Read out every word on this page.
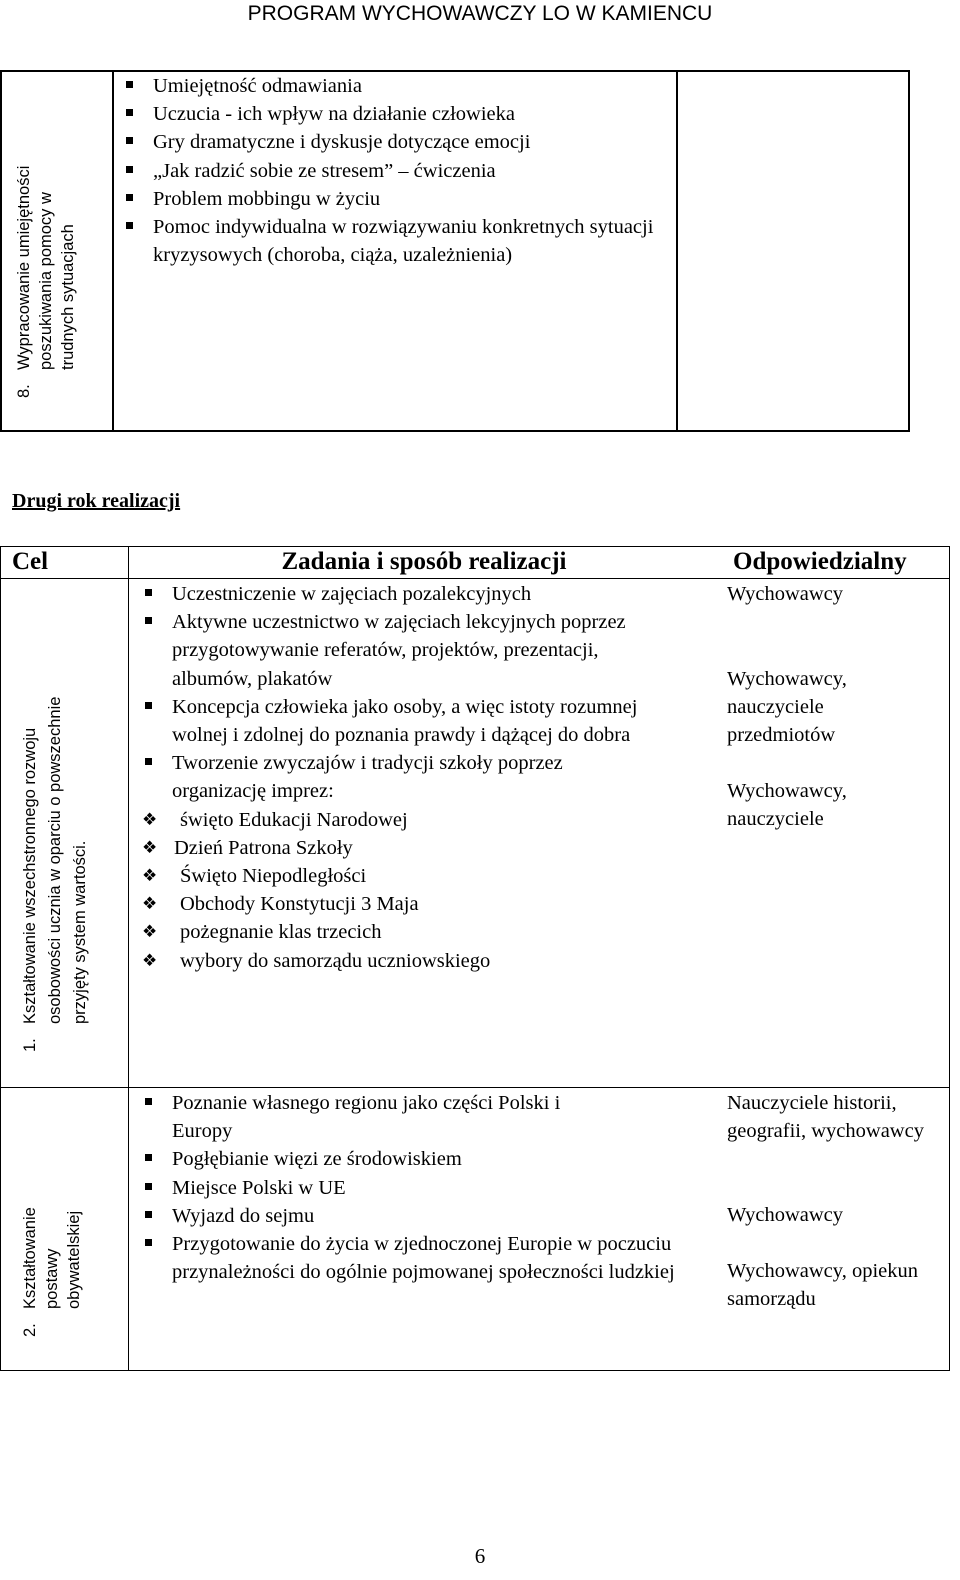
PROGRAM WYCHOWAWCZY LO W KAMIENCU
8.
Wypracowanie umiejętności poszukiwania pomocy w trudnych sytuacjach
Umiejętność odmawiania
Uczucia - ich wpływ na działanie człowieka
Gry dramatyczne i dyskusje dotyczące emocji
„Jak radzić sobie ze stresem” – ćwiczenia
Problem mobbingu w życiu
Pomoc indywidualna w rozwiązywaniu konkretnych sytuacji kryzysowych (choroba, ciąża, uzależnienia)
Drugi rok realizacji
Cel	Zadania i sposób realizacji	Odpowiedzialny
1.
Kształtowanie wszechstronnego rozwoju osobowości ucznia w oparciu o powszechnie przyjęty system wartości.
Uczestniczenie w zajęciach pozalekcyjnych
Aktywne uczestnictwo w zajęciach lekcyjnych poprzez przygotowywanie referatów, projektów, prezentacji, albumów, plakatów
Koncepcja człowieka jako osoby, a więc istoty rozumnej wolnej i zdolnej do poznania prawdy i dążącej do dobra
Tworzenie zwyczajów i tradycji szkoły poprzez organizację imprez:
❖ święto Edukacji Narodowej
❖ Dzień Patrona Szkoły
❖ Święto Niepodległości
❖ Obchody Konstytucji 3 Maja
❖ pożegnanie klas trzecich
❖ wybory do samorządu uczniowskiego
Wychowawcy
Wychowawcy, nauczyciele przedmiotów
Wychowawcy, nauczyciele
2.
Kształtowanie postawy obywatelskiej
Poznanie własnego regionu jako części Polski i Europy
Pogłębianie więzi ze środowiskiem
Miejsce Polski w UE
Wyjazd do sejmu
Przygotowanie do życia w zjednoczonej Europie w poczuciu przynależności do ogólnie pojmowanej społeczności ludzkiej
Nauczyciele historii, geografii, wychowawcy
Wychowawcy
Wychowawcy, opiekun samorządu
6
